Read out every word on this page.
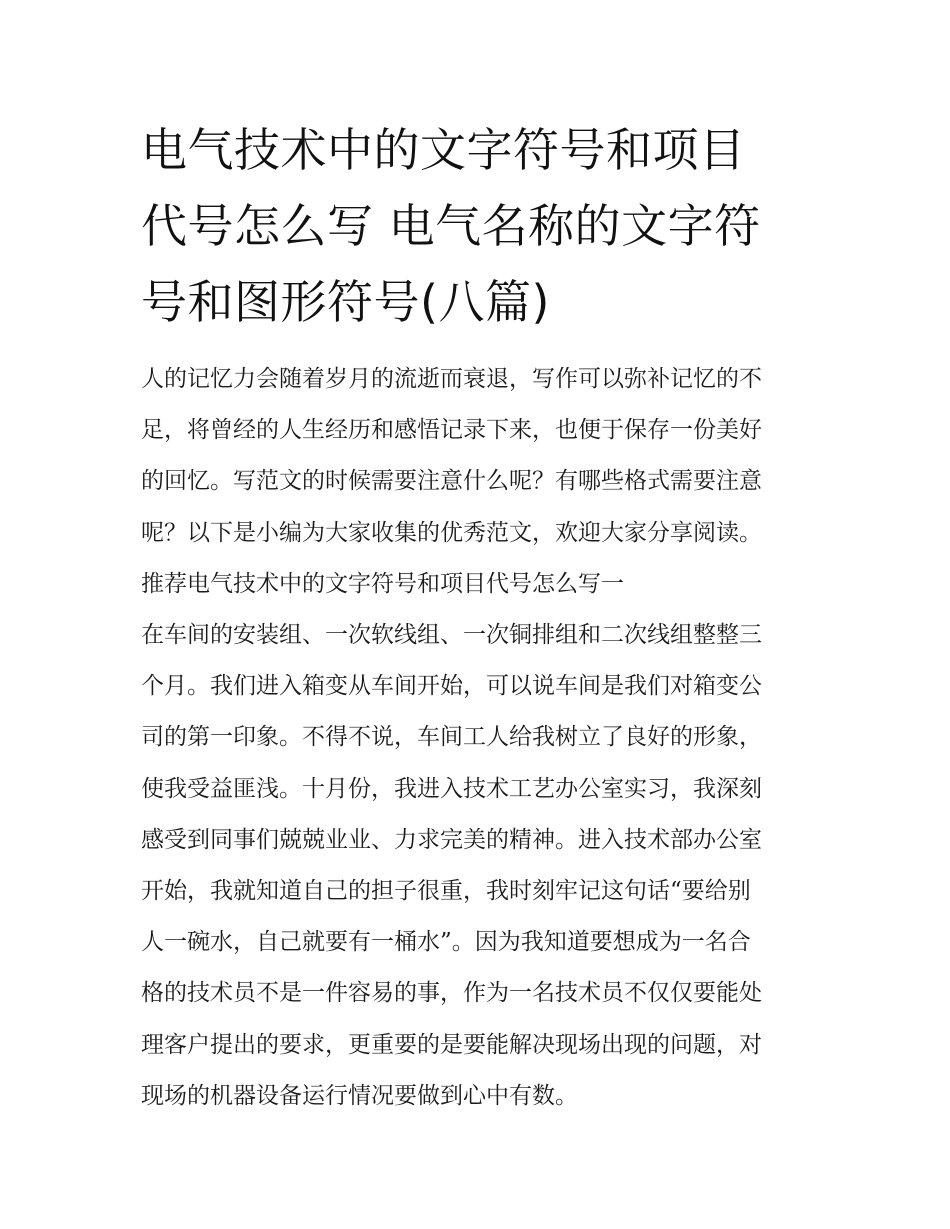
电气技术中的文字符号和项目
代号怎么写 电气名称的文字符
号和图形符号(八篇)
人的记忆力会随着岁月的流逝而衰退，写作可以弥补记忆的不
足，将曾经的人生经历和感悟记录下来，也便于保存一份美好
的回忆。写范文的时候需要注意什么呢？有哪些格式需要注意
呢？以下是小编为大家收集的优秀范文，欢迎大家分享阅读。
推荐电气技术中的文字符号和项目代号怎么写一
在车间的安装组、一次软线组、一次铜排组和二次线组整整三
个月。我们进入箱变从车间开始，可以说车间是我们对箱变公
司的第一印象。不得不说，车间工人给我树立了良好的形象，
使我受益匪浅。十月份，我进入技术工艺办公室实习，我深刻
感受到同事们兢兢业业、力求完美的精神。进入技术部办公室
开始，我就知道自己的担子很重，我时刻牢记这句话“要给别
人一碗水，自己就要有一桶水”。因为我知道要想成为一名合
格的技术员不是一件容易的事，作为一名技术员不仅仅要能处
理客户提出的要求，更重要的是要能解决现场出现的问题，对
现场的机器设备运行情况要做到心中有数。
